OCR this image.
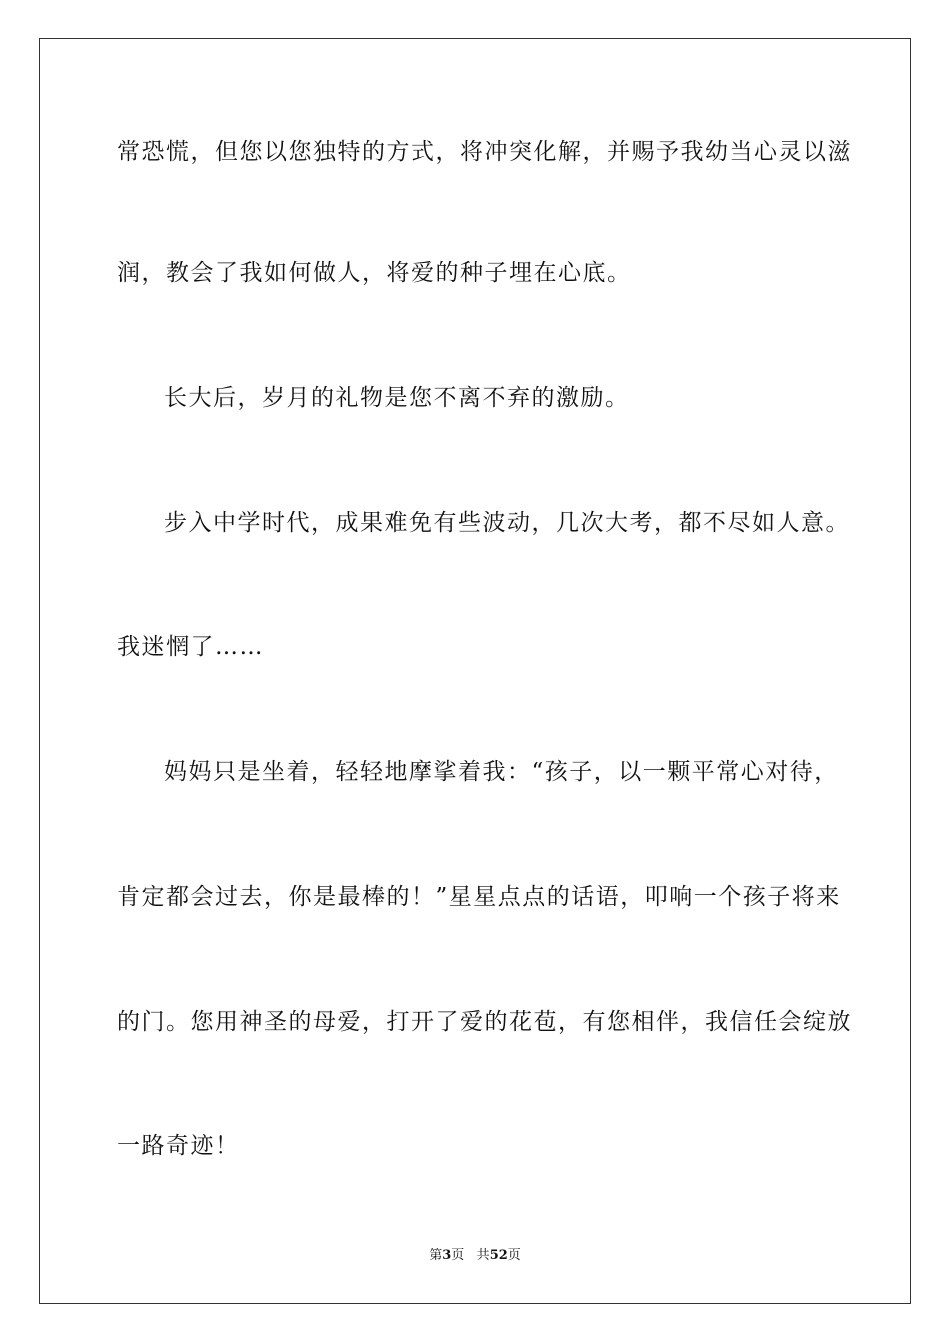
常恐慌，但您以您独特的方式，将冲突化解，并赐予我幼当心灵以滋
润，教会了我如何做人，将爱的种子埋在心底。
长大后，岁月的礼物是您不离不弃的激励。
步入中学时代，成果难免有些波动，几次大考，都不尽如人意。
我迷惘了……
妈妈只是坐着，轻轻地摩挲着我：“孩子，以一颗平常心对待，
肯定都会过去，你是最棒的！”星星点点的话语，叩响一个孩子将来
的门。您用神圣的母爱，打开了爱的花苞，有您相伴，我信任会绽放
一路奇迹！
第3页 共52页
